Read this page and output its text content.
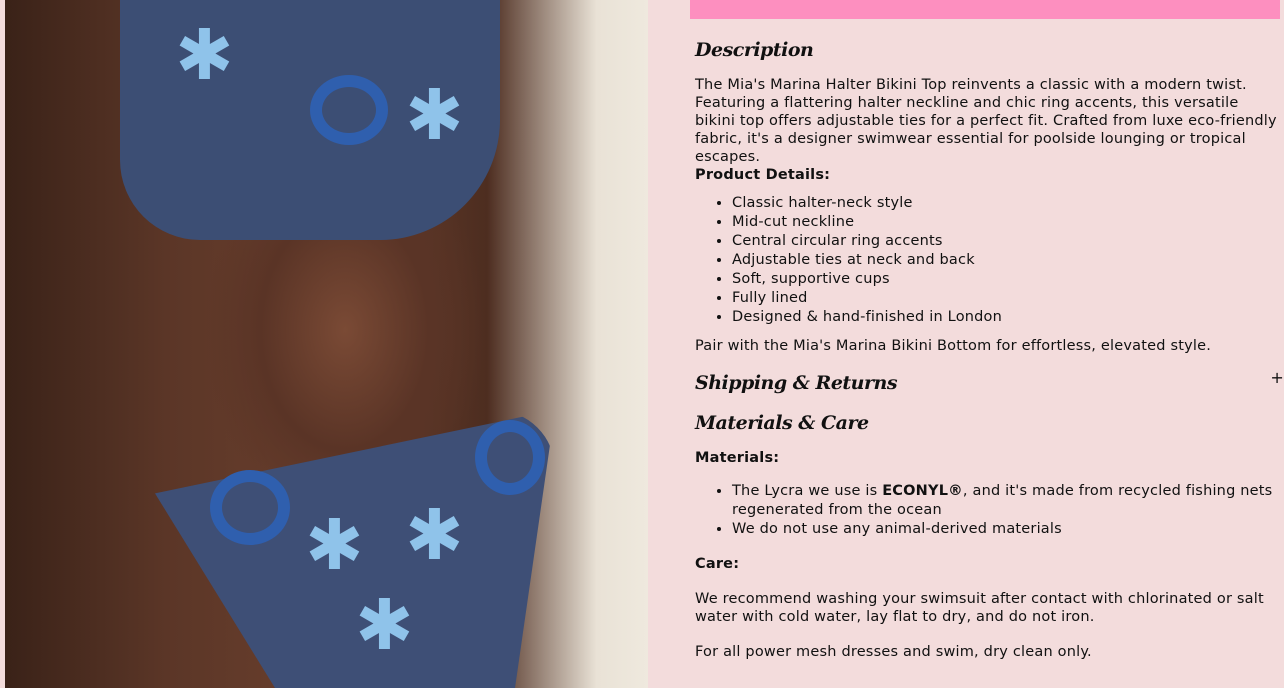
✱
✱
✱ ✱
✱
Description

The Mia's Marina Halter Bikini Top reinvents a classic with a modern twist. Featuring a flattering halter neckline and chic ring accents, this versatile bikini top offers adjustable ties for a perfect fit. Crafted from luxe eco-friendly fabric, it's a designer swimwear essential for poolside lounging or tropical escapes.

Product Details:

• Classic halter-neck style
• Mid-cut neckline
• Central circular ring accents
• Adjustable ties at neck and back
• Soft, supportive cups
• Fully lined
• Designed & hand-finished in London

Pair with the Mia's Marina Bikini Bottom for effortless, elevated style.

Shipping & Returns	+
Materials & Care

Materials:

• The Lycra we use is ECONYL®, and it's made from recycled fishing nets regenerated from the ocean
• We do not use any animal-derived materials

Care:

We recommend washing your swimsuit after contact with chlorinated or salt water with cold water, lay flat to dry, and do not iron.

For all power mesh dresses and swim, dry clean only.
